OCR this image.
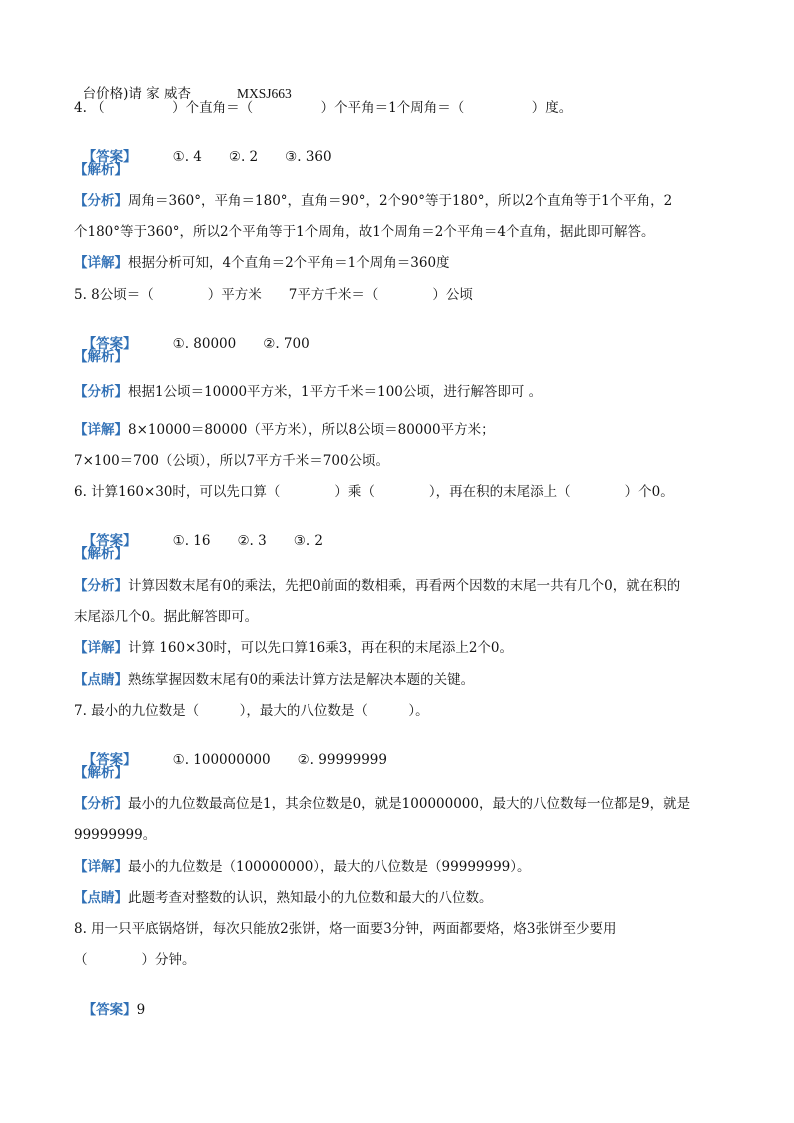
台价格)请 家 威杏	MXSJ663

4. （　　　　　）个直角＝（　　　　　）个平角＝1个周角＝（　　　　　）度。

【答案】	①. 4　　②. 2　　③. 360

【解析】
【分析】周角＝360°，平角＝180°，直角＝90°，2个90°等于180°，所以2个直角等于1个平角，2
个180°等于360°，所以2个平角等于1个周角，故1个周角＝2个平角＝4个直角，据此即可解答。
【详解】根据分析可知，4个直角＝2个平角＝1个周角＝360度
5. 8公顷＝（　　　　）平方米　　7平方千米＝（　　　　）公顷

【答案】	①. 80000　　②. 700

【解析】
【分析】根据1公顷＝10000平方米，1平方千米＝100公顷，进行解答即可 。
【详解】8×10000＝80000（平方米），所以8公顷＝80000平方米；
7×100＝700（公顷），所以7平方千米＝700公顷。
6. 计算160×30时，可以先口算（　　　　）乘（　　　　），再在积的末尾添上（　　　　）个0。

【答案】	①. 16　　②. 3　　③. 2

【解析】
【分析】计算因数末尾有0的乘法，先把0前面的数相乘，再看两个因数的末尾一共有几个0，就在积的
末尾添几个0。据此解答即可。
【详解】计算 160×30时，可以先口算16乘3，再在积的末尾添上2个0。
【点睛】熟练掌握因数末尾有0的乘法计算方法是解决本题的关键。
7. 最小的九位数是（　　　），最大的八位数是（　　　）。

【答案】	①. 100000000　　②. 99999999

【解析】
【分析】最小的九位数最高位是1，其余位数是0，就是100000000，最大的八位数每一位都是9，就是
99999999。
【详解】最小的九位数是（100000000），最大的八位数是（99999999）。
【点睛】此题考查对整数的认识，熟知最小的九位数和最大的八位数。
8. 用一只平底锅烙饼，每次只能放2张饼，烙一面要3分钟，两面都要烙，烙3张饼至少要用
（　　　　）分钟。

【答案】9
